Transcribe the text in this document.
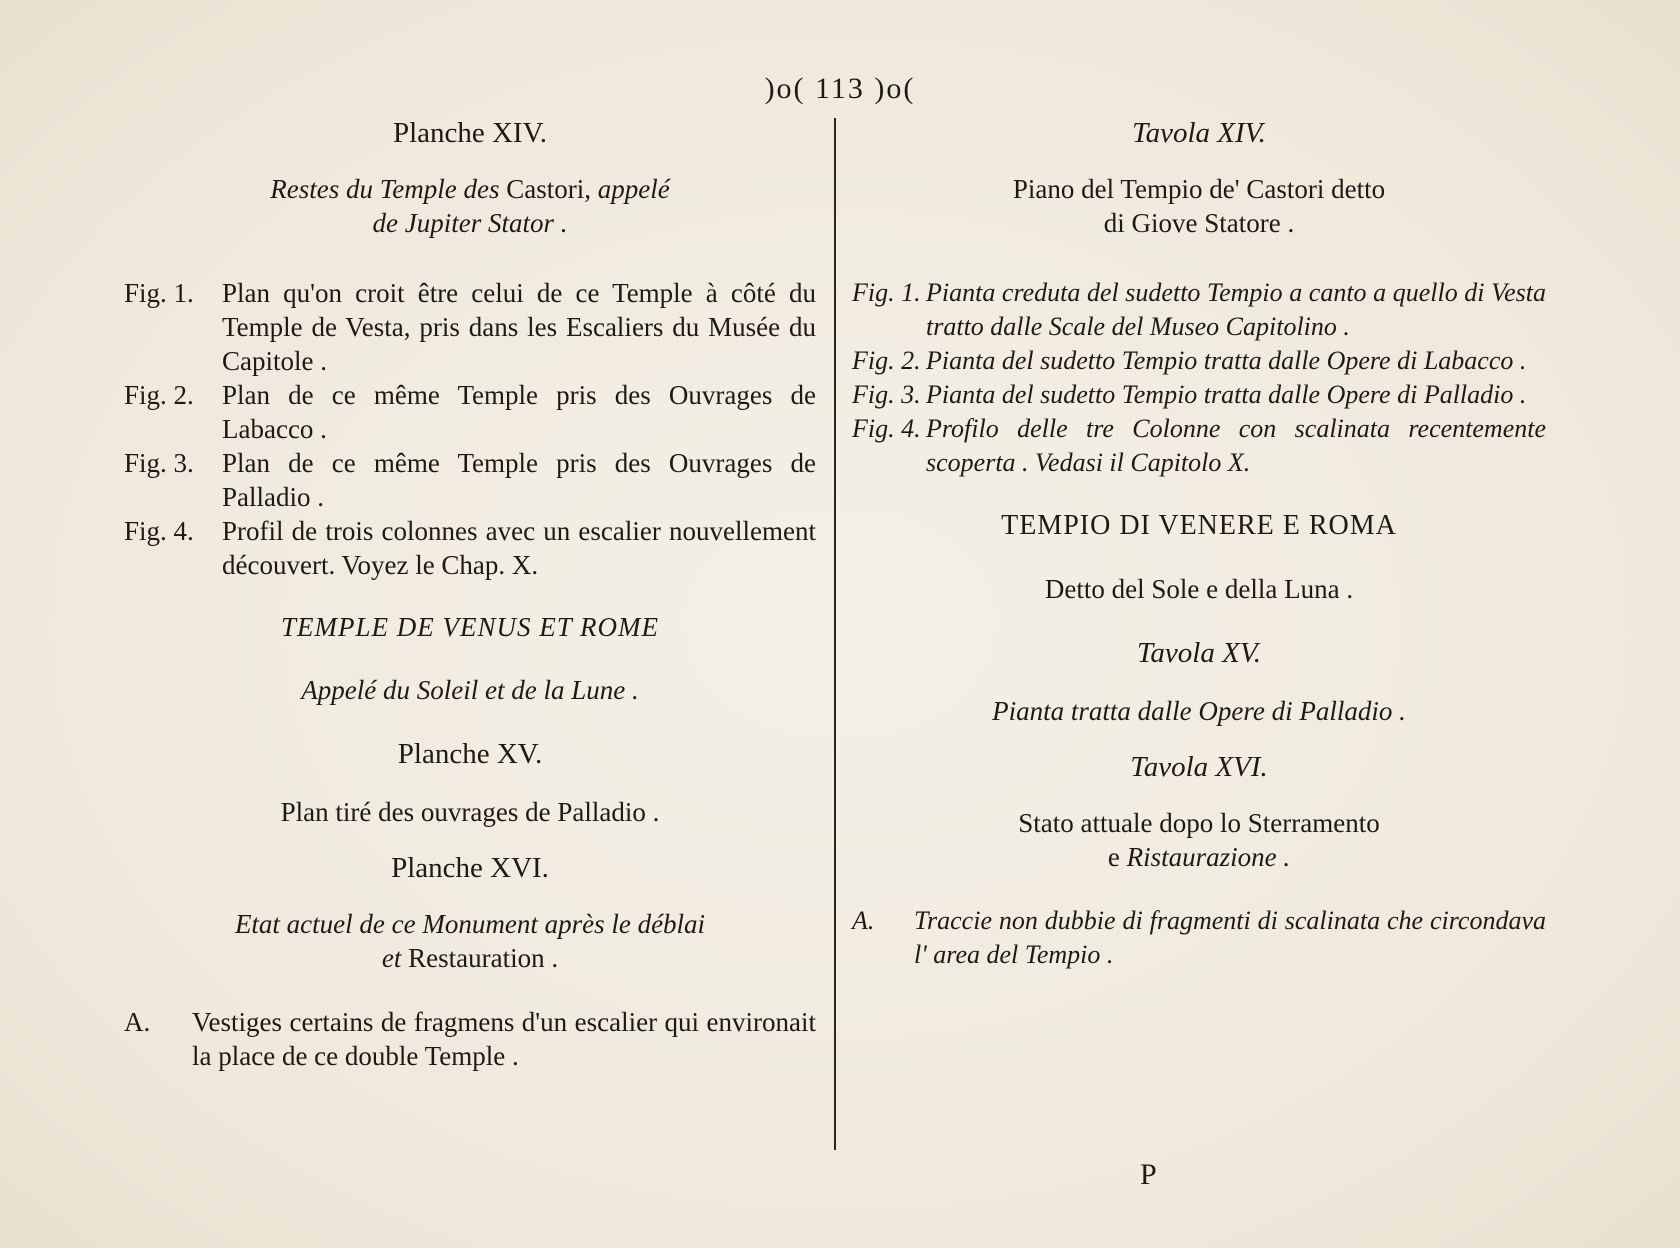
)o( 113 )o(
Planche XIV.
Restes du Temple des Castori, appelé
de Jupiter Stator .
Fig. 1.	Plan qu'on croit être celui de ce Temple à côté du Temple de Vesta, pris dans les Escaliers du Musée du Capitole .
Fig. 2.	Plan de ce même Temple pris des Ouvrages de Labacco .
Fig. 3.	Plan de ce même Temple pris des Ouvrages de Palladio .
Fig. 4.	Profil de trois colonnes avec un escalier nouvellement découvert. Voyez le Chap. X.
TEMPLE DE VENUS ET ROME
Appelé du Soleil et de la Lune .
Planche XV.
Plan tiré des ouvrages de Palladio .
Planche XVI.
Etat actuel de ce Monument après le déblai
et Restauration .
A.	Vestiges certains de fragmens d'un escalier qui environait la place de ce double Temple .
Tavola XIV.
Piano del Tempio de' Castori detto
di Giove Statore .
Fig. 1. Pianta creduta del sudetto Tempio a canto a quello di Vesta tratto dalle Scale del Museo Capitolino .
Fig. 2. Pianta del sudetto Tempio tratta dalle Opere di Labacco .
Fig. 3. Pianta del sudetto Tempio tratta dalle Opere di Palladio .
Fig. 4. Profilo delle tre Colonne con scalinata recentemente scoperta . Vedasi il Capitolo X.
TEMPIO DI VENERE E ROMA
Detto del Sole e della Luna .
Tavola XV.
Pianta tratta dalle Opere di Palladio .
Tavola XVI.
Stato attuale dopo lo Sterramento
e Ristaurazione .
A.	Traccie non dubbie di fragmenti di scalinata che circondava l' area del Tempio .
P
